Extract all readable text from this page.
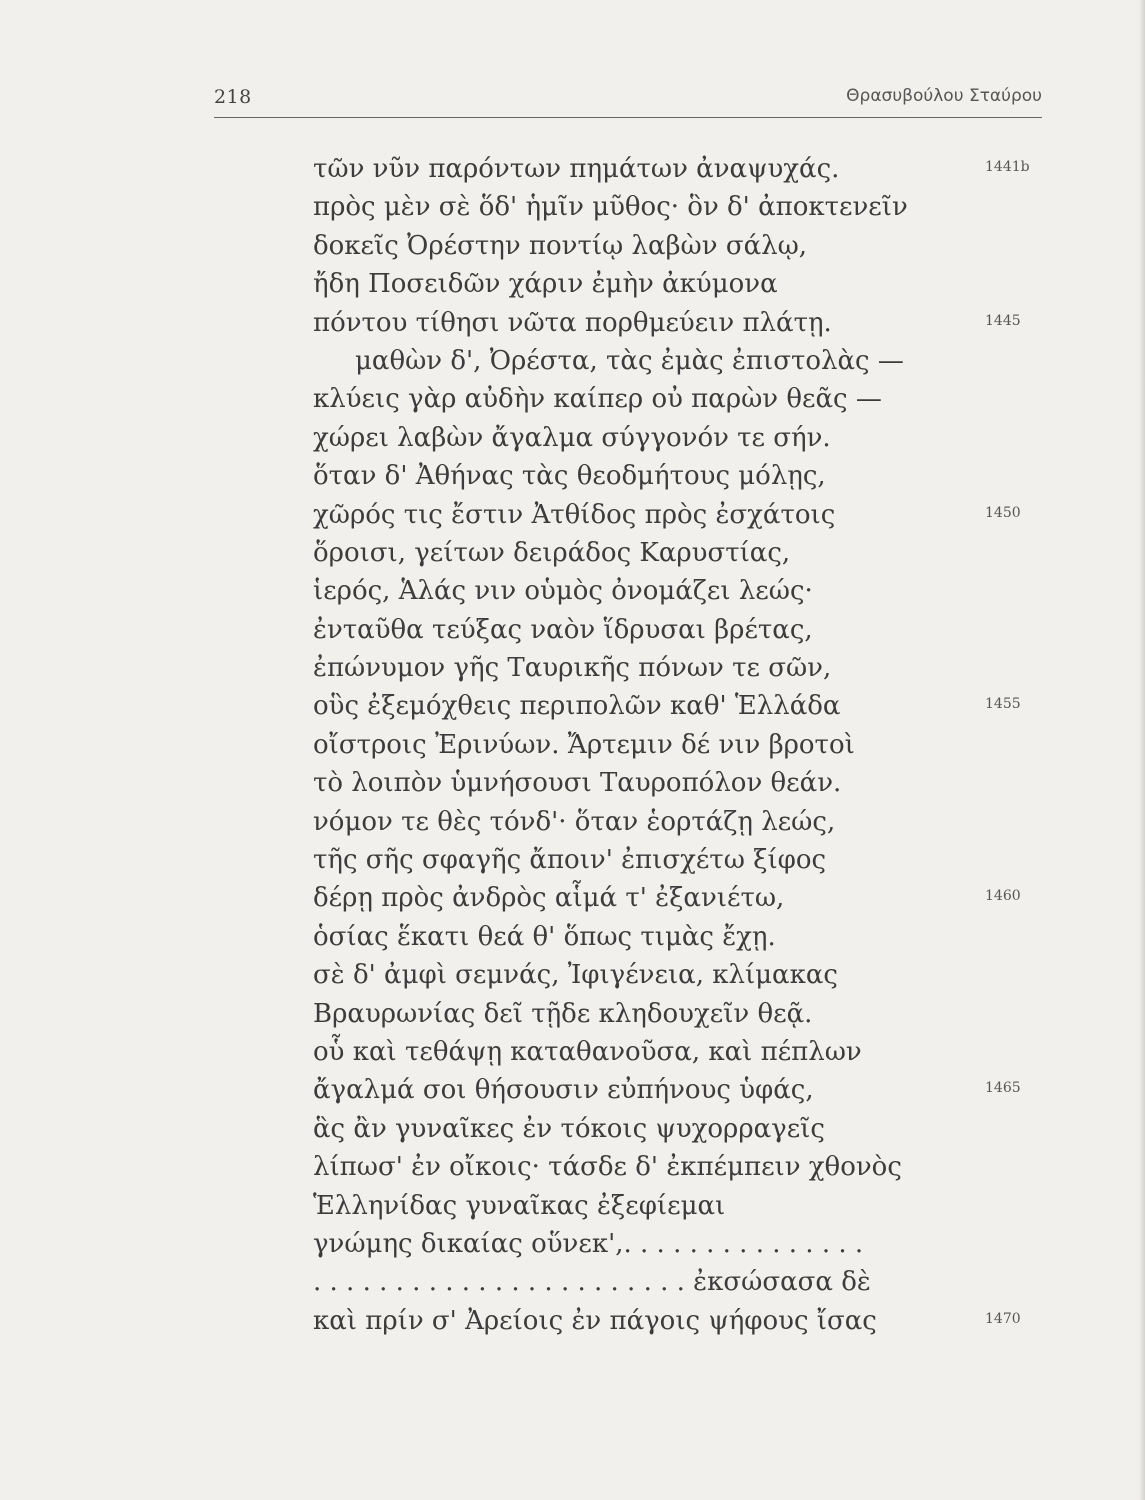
218	Θρασυβούλου Σταύρου
τῶν νῦν παρόντων πημάτων ἀναψυχάς.	1441b
πρὸς μὲν σὲ ὅδ' ἡμῖν μῦθος· ὃν δ' ἀποκτενεῖν
δοκεῖς Ὀρέστην ποντίῳ λαβὼν σάλῳ,
ἤδη Ποσειδῶν χάριν ἐμὴν ἀκύμονα
πόντου τίθησι νῶτα πορθμεύειν πλάτῃ.	1445
μαθὼν δ', Ὀρέστα, τὰς ἐμὰς ἐπιστολὰς —
κλύεις γὰρ αὐδὴν καίπερ οὐ παρὼν θεᾶς —
χώρει λαβὼν ἄγαλμα σύγγονόν τε σήν.
ὅταν δ' Ἀθήνας τὰς θεοδμήτους μόλῃς,
χῶρός τις ἔστιν Ἀτθίδος πρὸς ἐσχάτοις	1450
ὅροισι, γείτων δειράδος Καρυστίας,
ἱερός, Ἁλάς νιν οὑμὸς ὀνομάζει λεώς·
ἐνταῦθα τεύξας ναὸν ἵδρυσαι βρέτας,
ἐπώνυμον γῆς Ταυρικῆς πόνων τε σῶν,
οὓς ἐξεμόχθεις περιπολῶν καθ' Ἑλλάδα	1455
οἴστροις Ἐρινύων. Ἄρτεμιν δέ νιν βροτοὶ
τὸ λοιπὸν ὑμνήσουσι Ταυροπόλον θεάν.
νόμον τε θὲς τόνδ'· ὅταν ἑορτάζῃ λεώς,
τῆς σῆς σφαγῆς ἄποιν' ἐπισχέτω ξίφος
δέρῃ πρὸς ἀνδρὸς αἷμά τ' ἐξανιέτω,	1460
ὁσίας ἕκατι θεά θ' ὅπως τιμὰς ἔχῃ.
σὲ δ' ἀμφὶ σεμνάς, Ἰφιγένεια, κλίμακας
Βραυρωνίας δεῖ τῇδε κληδουχεῖν θεᾷ.
οὗ καὶ τεθάψῃ καταθανοῦσα, καὶ πέπλων
ἄγαλμά σοι θήσουσιν εὐπήνους ὑφάς,	1465
ἃς ἂν γυναῖκες ἐν τόκοις ψυχορραγεῖς
λίπωσ' ἐν οἴκοις· τάσδε δ' ἐκπέμπειν χθονὸς
Ἑλληνίδας γυναῖκας ἐξεφίεμαι
γνώμης δικαίας οὕνεκ',. . . . . . . . . . . . . . .
. . . . . . . . . . . . . . . . . . . . . . . ἐκσώσασα δὲ
καὶ πρίν σ' Ἀρείοις ἐν πάγοις ψήφους ἴσας	1470
